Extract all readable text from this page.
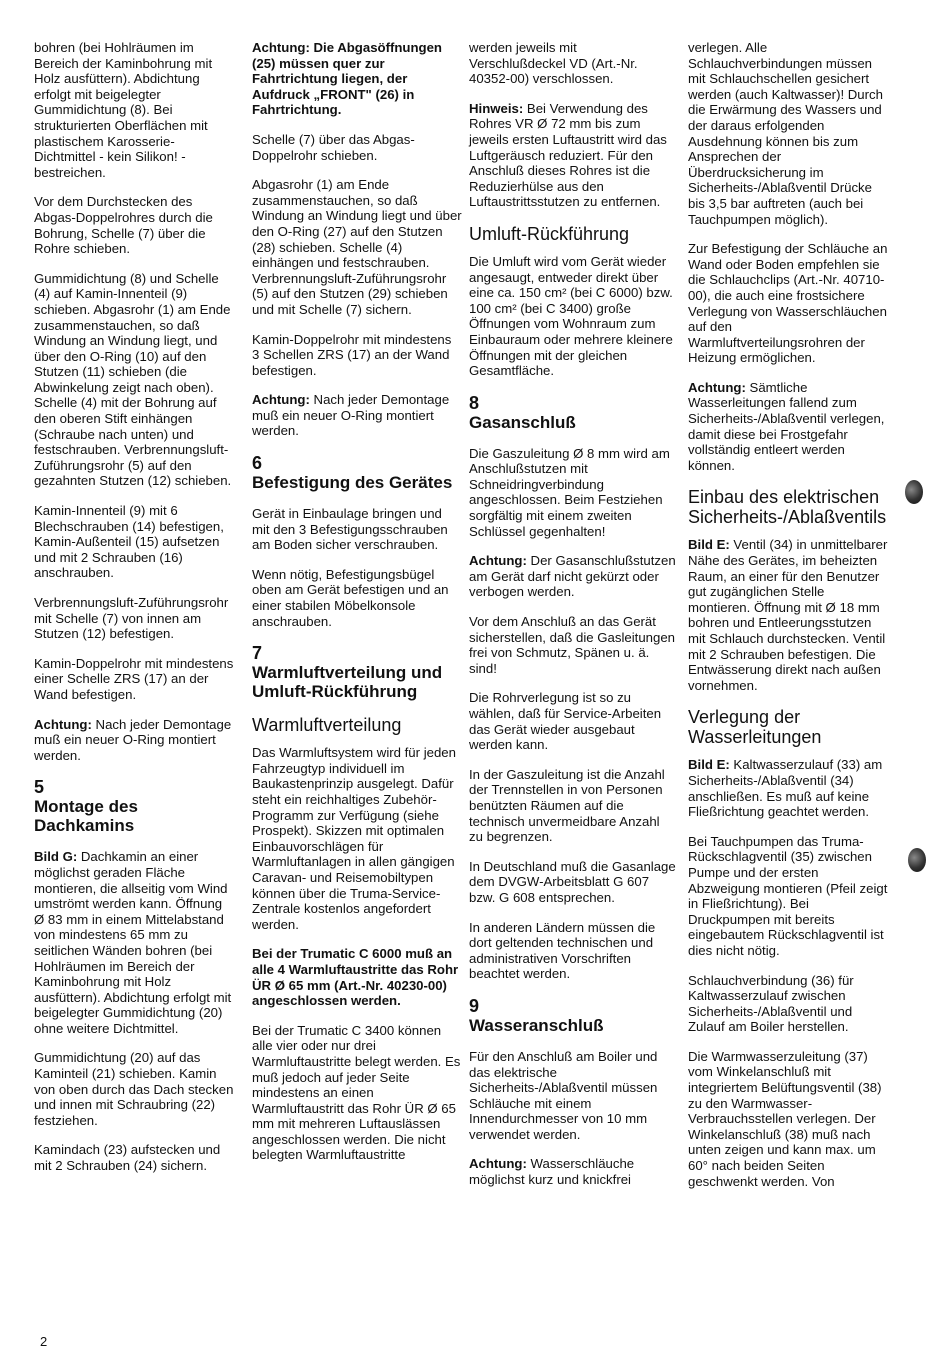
bohren (bei Hohlräumen im Bereich der Kaminbohrung mit Holz ausfüttern). Abdichtung erfolgt mit beigelegter Gummidichtung (8). Bei strukturierten Oberflächen mit plastischem Karosserie-Dichtmittel - kein Silikon! - bestreichen.

Vor dem Durchstecken des Abgas-Doppelrohres durch die Bohrung, Schelle (7) über die Rohre schieben.

Gummidichtung (8) und Schelle (4) auf Kamin-Innenteil (9) schieben. Abgasrohr (1) am Ende zusammenstauchen, so daß Windung an Windung liegt, und über den O-Ring (10) auf den Stutzen (11) schieben (die Abwinkelung zeigt nach oben). Schelle (4) mit der Bohrung auf den oberen Stift einhängen (Schraube nach unten) und festschrauben. Verbrennungsluft-Zuführungsrohr (5) auf den gezahnten Stutzen (12) schieben.

Kamin-Innenteil (9) mit 6 Blechschrauben (14) befestigen, Kamin-Außenteil (15) aufsetzen und mit 2 Schrauben (16) anschrauben.

Verbrennungsluft-Zuführungsrohr mit Schelle (7) von innen am Stutzen (12) befestigen.

Kamin-Doppelrohr mit mindestens einer Schelle ZRS (17) an der Wand befestigen.

Achtung: Nach jeder Demontage muß ein neuer O-Ring montiert werden.

5
Montage des Dachkamins

Bild G: Dachkamin an einer möglichst geraden Fläche montieren, die allseitig vom Wind umströmt werden kann. Öffnung Ø 83 mm in einem Mittelabstand von mindestens 65 mm zu seitlichen Wänden bohren (bei Hohlräumen im Bereich der Kaminbohrung mit Holz ausfüttern). Abdichtung erfolgt mit beigelegter Gummidichtung (20) ohne weitere Dichtmittel.

Gummidichtung (20) auf das Kaminteil (21) schieben. Kamin von oben durch das Dach stecken und innen mit Schraubring (22) festziehen.

Kamindach (23) aufstecken und mit 2 Schrauben (24) sichern.

Achtung: Die Abgasöffnungen (25) müssen quer zur Fahrtrichtung liegen, der Aufdruck „FRONT" (26) in Fahrtrichtung.

Schelle (7) über das Abgas-Doppelrohr schieben.

Abgasrohr (1) am Ende zusammenstauchen, so daß Windung an Windung liegt und über den O-Ring (27) auf den Stutzen (28) schieben. Schelle (4) einhängen und festschrauben. Verbrennungsluft-Zuführungsrohr (5) auf den Stutzen (29) schieben und mit Schelle (7) sichern.

Kamin-Doppelrohr mit mindestens 3 Schellen ZRS (17) an der Wand befestigen.

Achtung: Nach jeder Demontage muß ein neuer O-Ring montiert werden.

6
Befestigung des Gerätes

Gerät in Einbaulage bringen und mit den 3 Befestigungsschrauben am Boden sicher verschrauben.

Wenn nötig, Befestigungsbügel oben am Gerät befestigen und an einer stabilen Möbelkonsole anschrauben.

7
Warmluftverteilung und Umluft-Rückführung
Warmluftverteilung

Das Warmluftsystem wird für jeden Fahrzeugtyp individuell im Baukastenprinzip ausgelegt. Dafür steht ein reichhaltiges Zubehör-Programm zur Verfügung (siehe Prospekt). Skizzen mit optimalen Einbauvorschlägen für Warmluftanlagen in allen gängigen Caravan- und Reisemobiltypen können über die Truma-Service-Zentrale kostenlos angefordert werden.

Bei der Trumatic C 6000 muß an alle 4 Warmluftaustritte das Rohr ÜR Ø 65 mm (Art.-Nr. 40230-00) angeschlossen werden.

Bei der Trumatic C 3400 können alle vier oder nur drei Warmluftaustritte belegt werden. Es muß jedoch auf jeder Seite mindestens an einen Warmluftaustritt das Rohr ÜR Ø 65 mm mit mehreren Luftauslässen angeschlossen werden. Die nicht belegten Warmluftaustritte

werden jeweils mit Verschlußdeckel VD (Art.-Nr. 40352-00) verschlossen.

Hinweis: Bei Verwendung des Rohres VR Ø 72 mm bis zum jeweils ersten Luftaustritt wird das Luftgeräusch reduziert. Für den Anschluß dieses Rohres ist die Reduzierhülse aus den Luftaustrittsstutzen zu entfernen.

Umluft-Rückführung

Die Umluft wird vom Gerät wieder angesaugt, entweder direkt über eine ca. 150 cm² (bei C 6000) bzw. 100 cm² (bei C 3400) große Öffnungen vom Wohnraum zum Einbauraum oder mehrere kleinere Öffnungen mit der gleichen Gesamtfläche.

8
Gasanschluß

Die Gaszuleitung Ø 8 mm wird am Anschlußstutzen mit Schneidringverbindung angeschlossen. Beim Festziehen sorgfältig mit einem zweiten Schlüssel gegenhalten!

Achtung: Der Gasanschlußstutzen am Gerät darf nicht gekürzt oder verbogen werden.

Vor dem Anschluß an das Gerät sicherstellen, daß die Gasleitungen frei von Schmutz, Spänen u. ä. sind!

Die Rohrverlegung ist so zu wählen, daß für Service-Arbeiten das Gerät wieder ausgebaut werden kann.

In der Gaszuleitung ist die Anzahl der Trennstellen in von Personen benützten Räumen auf die technisch unvermeidbare Anzahl zu begrenzen.

In Deutschland muß die Gasanlage dem DVGW-Arbeitsblatt G 607 bzw. G 608 entsprechen.

In anderen Ländern müssen die dort geltenden technischen und administrativen Vorschriften beachtet werden.

9
Wasseranschluß

Für den Anschluß am Boiler und das elektrische Sicherheits-/Ablaßventil müssen Schläuche mit einem Innendurchmesser von 10 mm verwendet werden.

Achtung: Wasserschläuche möglichst kurz und knickfrei

verlegen. Alle Schlauchverbindungen müssen mit Schlauchschellen gesichert werden (auch Kaltwasser)! Durch die Erwärmung des Wassers und der daraus erfolgenden Ausdehnung können bis zum Ansprechen der Überdrucksicherung im Sicherheits-/Ablaßventil Drücke bis 3,5 bar auftreten (auch bei Tauchpumpen möglich).

Zur Befestigung der Schläuche an Wand oder Boden empfehlen sie die Schlauchclips (Art.-Nr. 40710-00), die auch eine frostsichere Verlegung von Wasserschläuchen auf den Warmluftverteilungsrohren der Heizung ermöglichen.

Achtung: Sämtliche Wasserleitungen fallend zum Sicherheits-/Ablaßventil verlegen, damit diese bei Frostgefahr vollständig entleert werden können.

Einbau des elektrischen Sicherheits-/Ablaßventils

Bild E: Ventil (34) in unmittelbarer Nähe des Gerätes, im beheizten Raum, an einer für den Benutzer gut zugänglichen Stelle montieren. Öffnung mit Ø 18 mm bohren und Entleerungsstutzen mit Schlauch durchstecken. Ventil mit 2 Schrauben befestigen. Die Entwässerung direkt nach außen vornehmen.

Verlegung der Wasserleitungen

Bild E: Kaltwasserzulauf (33) am Sicherheits-/Ablaßventil (34) anschließen. Es muß auf keine Fließrichtung geachtet werden.

Bei Tauchpumpen das Truma-Rückschlagventil (35) zwischen Pumpe und der ersten Abzweigung montieren (Pfeil zeigt in Fließrichtung). Bei Druckpumpen mit bereits eingebautem Rückschlagventil ist dies nicht nötig.

Schlauchverbindung (36) für Kaltwasserzulauf zwischen Sicherheits-/Ablaßventil und Zulauf am Boiler herstellen.

Die Warmwasserzuleitung (37) vom Winkelanschluß mit integriertem Belüftungsventil (38) zu den Warmwasser-Verbrauchsstellen verlegen. Der Winkelanschluß (38) muß nach unten zeigen und kann max. um 60° nach beiden Seiten geschwenkt werden. Von

2
